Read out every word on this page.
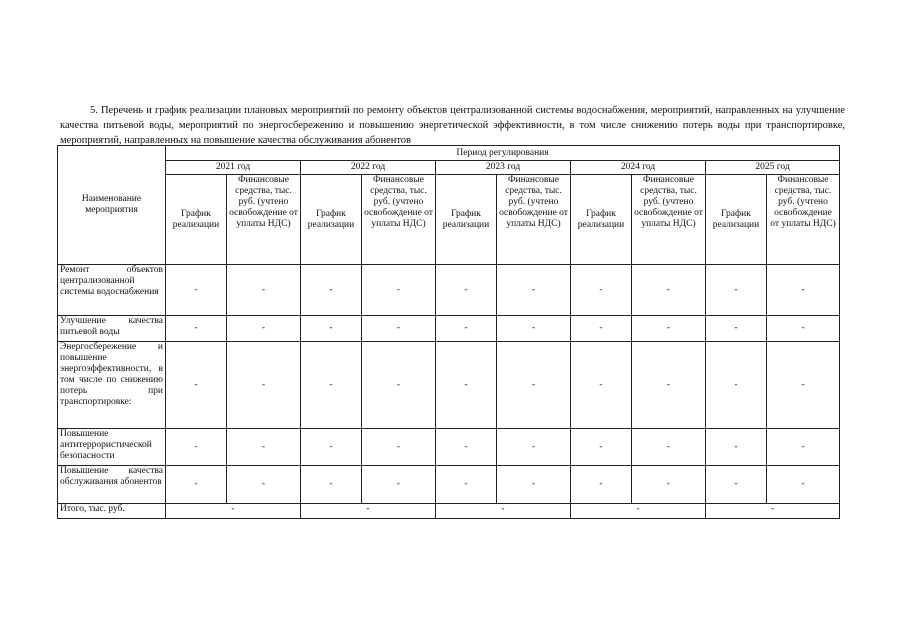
5. Перечень и график реализации плановых мероприятий по ремонту объектов централизованной системы водоснабжения, мероприятий, направленных на улучшение качества питьевой воды, мероприятий по энергосбережению и повышению энергетической эффективности, в том числе снижению потерь воды при транспортировке, мероприятий, направленных на повышение качества обслуживания абонентов

Наименование мероприятия	Период регулирования									
	2021 год		2022 год		2023 год		2024 год		2025 год	
	График реализации	Финансовые средства, тыс. руб. (учтено освобождение от уплаты НДС)	График реализации	Финансовые средства, тыс. руб. (учтено освобождение от уплаты НДС)	График реализации	Финансовые средства, тыс. руб. (учтено освобождение от уплаты НДС)	График реализации	Финансовые средства, тыс. руб. (учтено освобождение от уплаты НДС)	График реализации	Финансовые средства, тыс. руб. (учтено освобождение от уплаты НДС)
Ремонт объектов централизованной системы водоснабжения	-	-	-	-	-	-	-	-	-	-
Улучшение качества питьевой воды	-	-	-	-	-	-	-	-	-	-
Энергосбережение и повышение энергоэффективности, в том числе по снижению потерь при транспортировке:	-	-	-	-	-	-	-	-	-	-
Повышение антитеррористической безопасности	-	-	-	-	-	-	-	-	-	-
Повышение качества обслуживания абонентов	-	-	-	-	-	-	-	-	-	-
Итого, тыс. руб.	-		-		-		-		-	
